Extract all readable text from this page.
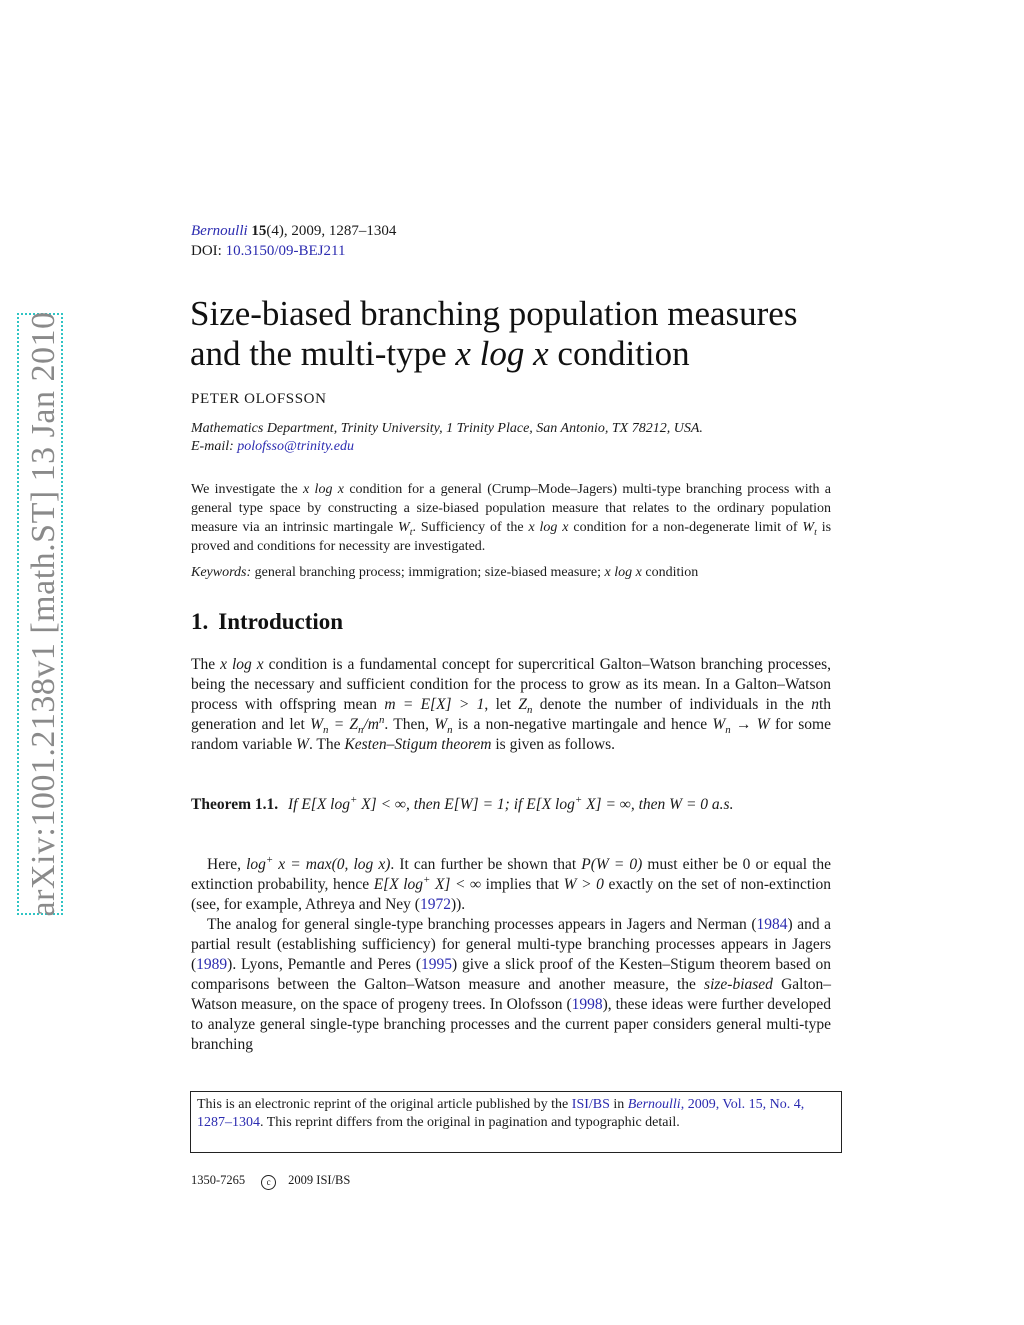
arXiv:1001.2138v1 [math.ST] 13 Jan 2010
Bernoulli 15(4), 2009, 1287–1304
DOI: 10.3150/09-BEJ211
Size-biased branching population measures
and the multi-type x log x condition
PETER OLOFSSON
Mathematics Department, Trinity University, 1 Trinity Place, San Antonio, TX 78212, USA.
E-mail: polofsso@trinity.edu

We investigate the x log x condition for a general (Crump–Mode–Jagers) multi-type branching process with a general type space by constructing a size-biased population measure that relates to the ordinary population measure via an intrinsic martingale $W_t$. Sufficiency of the x log x condition for a non-degenerate limit of $W_t$ is proved and conditions for necessity are investigated.

Keywords: general branching process; immigration; size-biased measure; x log x condition
1. Introduction

The x log x condition is a fundamental concept for supercritical Galton–Watson branching processes, being the necessary and sufficient condition for the process to grow as its mean. In a Galton–Watson process with offspring mean m = E[X] > 1, let $Z_n$ denote the number of individuals in the nth generation and let $W_n = Z_n/m^n$. Then, $W_n$ is a non-negative martingale and hence $W_n \to W$ for some random variable W. The Kesten–Stigum theorem is given as follows.

Theorem 1.1. If E[X log+ X] < ∞, then E[W] = 1; if E[X log+ X] = ∞, then W = 0 a.s.

Here, log+ x = max(0, log x). It can further be shown that P(W = 0) must either be 0 or equal the extinction probability, hence E[X log+ X] < ∞ implies that W > 0 exactly on the set of non-extinction (see, for example, Athreya and Ney (1972)).

The analog for general single-type branching processes appears in Jagers and Nerman (1984) and a partial result (establishing sufficiency) for general multi-type branching processes appears in Jagers (1989). Lyons, Pemantle and Peres (1995) give a slick proof of the Kesten–Stigum theorem based on comparisons between the Galton–Watson measure and another measure, the size-biased Galton–Watson measure, on the space of progeny trees. In Olofsson (1998), these ideas were further developed to analyze general single-type branching processes and the current paper considers general multi-type branching

This is an electronic reprint of the original article published by the ISI/BS in Bernoulli, 2009, Vol. 15, No. 4, 1287–1304. This reprint differs from the original in pagination and typographic detail.
1350-7265 c 2009 ISI/BS
